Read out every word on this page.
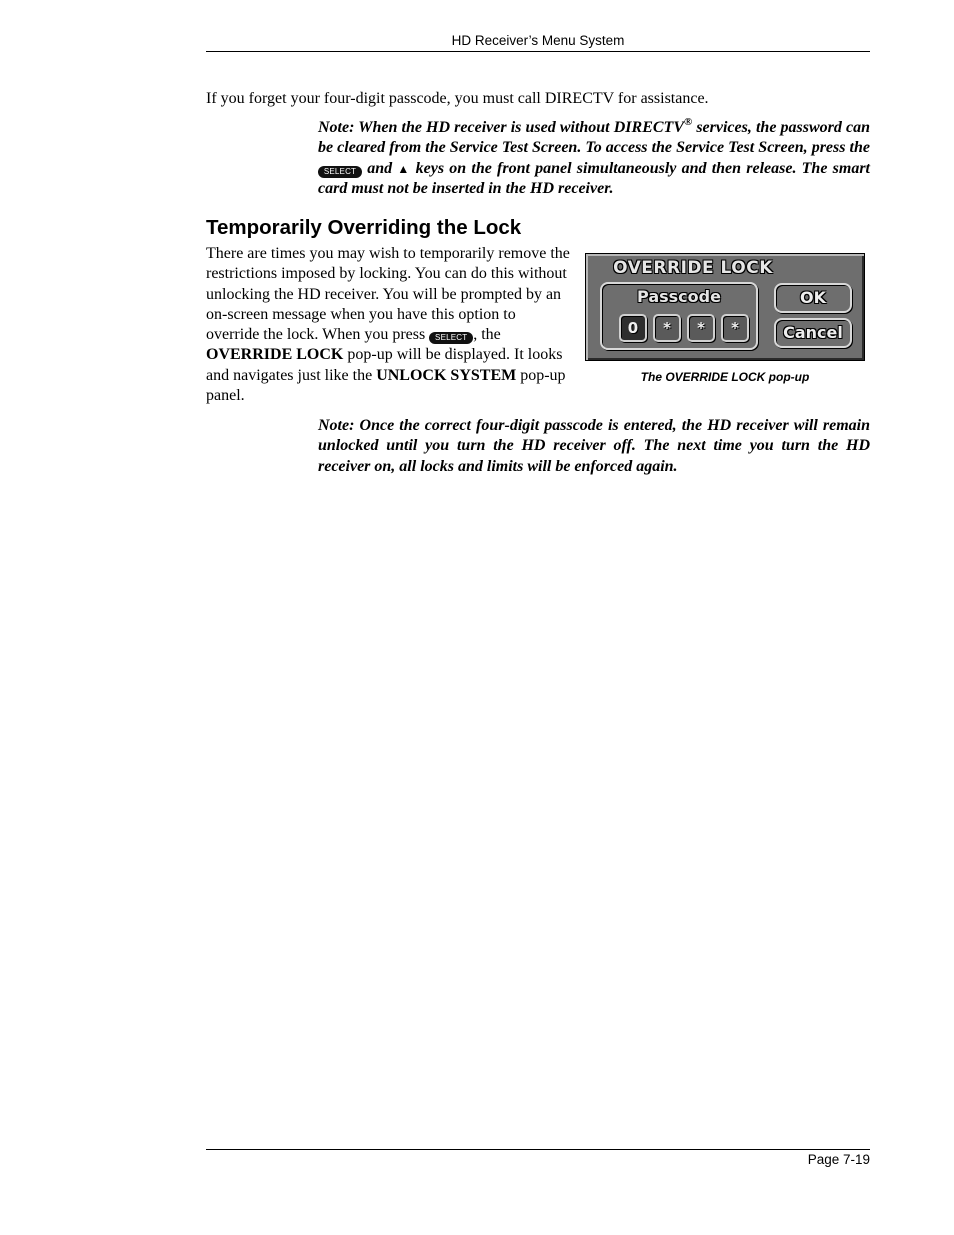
HD Receiver’s Menu System

If you forget your four-digit passcode, you must call DIRECTV for assistance.

Note: When the HD receiver is used without DIRECTV® services, the password can be cleared from the Service Test Screen. To access the Service Test Screen, press the SELECT and ▲ keys on the front panel simultaneously and then release. The smart card must not be inserted in the HD receiver.
Temporarily Overriding the Lock
There are times you may wish to temporarily remove the restrictions imposed by locking. You can do this without unlocking the HD receiver. You will be prompted by an on-screen message when you have this option to override the lock. When you press SELECT , the OVERRIDE LOCK pop-up will be displayed. It looks and navigates just like the UNLOCK SYSTEM pop-up panel.
OVERRIDE LOCK
Passcode
0	*	*	*
OK
Cancel
The OVERRIDE LOCK pop-up

Note: Once the correct four-digit passcode is entered, the HD receiver will remain unlocked until you turn the HD receiver off. The next time you turn the HD receiver on, all locks and limits will be enforced again.

Page 7-19
